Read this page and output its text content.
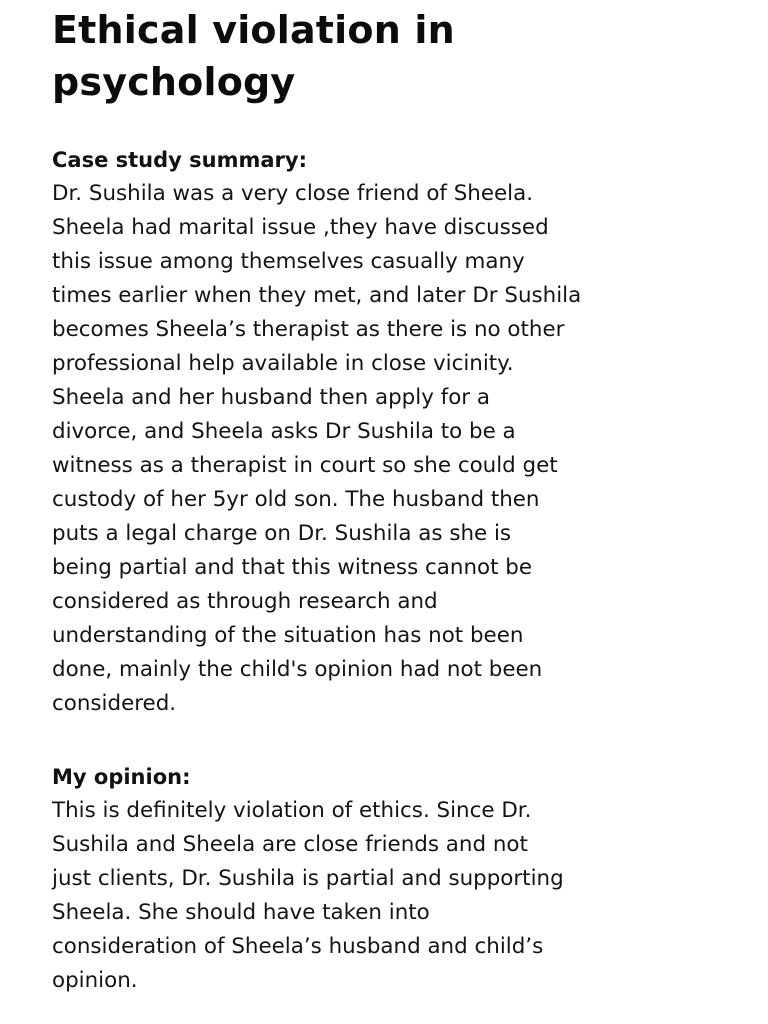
Ethical violation in
psychology
Case study summary:
Dr. Sushila was a very close friend of Sheela.
Sheela had marital issue ,they have discussed
this issue among themselves casually many
times earlier when they met, and later Dr Sushila
becomes Sheela’s therapist as there is no other
professional help available in close vicinity.
Sheela and her husband then apply for a
divorce, and Sheela asks Dr Sushila to be a
witness as a therapist in court so she could get
custody of her 5yr old son. The husband then
puts a legal charge on Dr. Sushila as she is
being partial and that this witness cannot be
considered as through research and
understanding of the situation has not been
done, mainly the child's opinion had not been
considered.
My opinion:
This is definitely violation of ethics. Since Dr.
Sushila and Sheela are close friends and not
just clients, Dr. Sushila is partial and supporting
Sheela. She should have taken into
consideration of Sheela’s husband and child’s
opinion.
